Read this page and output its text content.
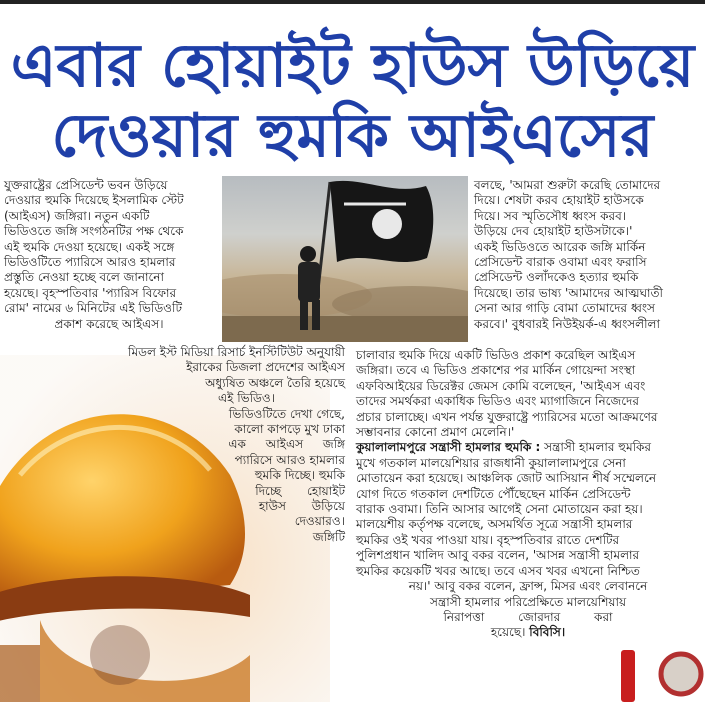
এবার হোয়াইট হাউস উড়িয়ে
দেওয়ার হুমকি আইএসের

যুক্তরাষ্ট্রের প্রেসিডেন্ট ভবন উড়িয়ে

দেওয়ার হুমকি দিয়েছে ইসলামিক স্টেট

(আইএস) জঙ্গিরা। নতুন একটি

ভিডিওতে জঙ্গি সংগঠনটির পক্ষ থেকে

এই হুমকি দেওয়া হয়েছে। একই সঙ্গে

ভিডিওটিতে প্যারিসে আরও হামলার

প্রস্তুতি নেওয়া হচ্ছে বলে জানানো

হয়েছে। বৃহস্পতিবার 'প্যারিস বিফোর

রোম' নামের ৬ মিনিটের এই ভিডিওটি

প্রকাশ করেছে আইএস।

মিডল ইস্ট মিডিয়া রিসার্চ ইনস্টিটিউট অনুযায়ী

ইরাকের ডিজলা প্রদেশের আইএস

অধ্যুষিত অঞ্চলে তৈরি হয়েছে

এই ভিডিও।

ভিডিওটিতে দেখা গেছে,

কালো কাপড়ে মুখ ঢাকা

এক আইএস জঙ্গি

প্যারিসে আরও হামলার

হুমকি দিচ্ছে। হুমকি

দিচ্ছে হোয়াইট

হাউস উড়িয়ে

দেওয়ারও।

জঙ্গিটি

বলছে, 'আমরা শুরুটা করেছি তোমাদের

দিয়ে। শেষটা করব হোয়াইট হাউসকে

দিয়ে। সব স্মৃতিসৌধ ধ্বংস করব।

উড়িয়ে দেব হোয়াইট হাউসটাকে।'

একই ভিডিওতে আরেক জঙ্গি মার্কিন

প্রেসিডেন্ট বারাক ওবামা এবং ফরাসি

প্রেসিডেন্ট ওলাঁদকেও হত্যার হুমকি

দিয়েছে। তার ভাষ্য 'আমাদের আত্মঘাতী

সেনা আর গাড়ি বোমা তোমাদের ধ্বংস

করবে।' বুধবারই নিউইয়র্ক-এ ধ্বংসলীলা

চালাবার হুমকি দিয়ে একটি ভিডিও প্রকাশ করেছিল আইএস

জঙ্গিরা। তবে এ ভিডিও প্রকাশের পর মার্কিন গোয়েন্দা সংস্থা

এফবিআইয়ের ডিরেক্টর জেমস কোমি বলেছেন, 'আইএস এবং

তাদের সমর্থকরা একাধিক ভিডিও এবং ম্যাগাজিনে নিজেদের

প্রচার চালাচ্ছে। এখন পর্যন্ত যুক্তরাষ্ট্রে প্যারিসের মতো আক্রমণের

সম্ভাবনার কোনো প্রমাণ মেলেনি।'

কুয়ালালামপুরে সন্ত্রাসী হামলার হুমকি : সন্ত্রাসী হামলার হুমকির

মুখে গতকাল মালয়েশিয়ার রাজধানী কুয়ালালামপুরে সেনা

মোতায়েন করা হয়েছে। আঞ্চলিক জোট আসিয়ান শীর্ষ সম্মেলনে

যোগ দিতে গতকাল দেশটিতে পৌঁছেছেন মার্কিন প্রেসিডেন্ট

বারাক ওবামা। তিনি আসার আগেই সেনা মোতায়েন করা হয়।

মালয়েশীয় কর্তৃপক্ষ বলেছে, অসমর্থিত সূত্রে সন্ত্রাসী হামলার

হুমকির ওই খবর পাওয়া যায়। বৃহস্পতিবার রাতে দেশটির

পুলিশপ্রধান খালিদ আবু বকর বলেন, 'আসন্ন সন্ত্রাসী হামলার

হুমকির কয়েকটি খবর আছে। তবে এসব খবর এখনো নিশ্চিত

নয়।' আবু বকর বলেন, ফ্রান্স, মিসর এবং লেবাননে

সন্ত্রাসী হামলার পরিপ্রেক্ষিতে মালয়েশিয়ায়

নিরাপত্তা জোরদার করা

হয়েছে। বিবিসি।
